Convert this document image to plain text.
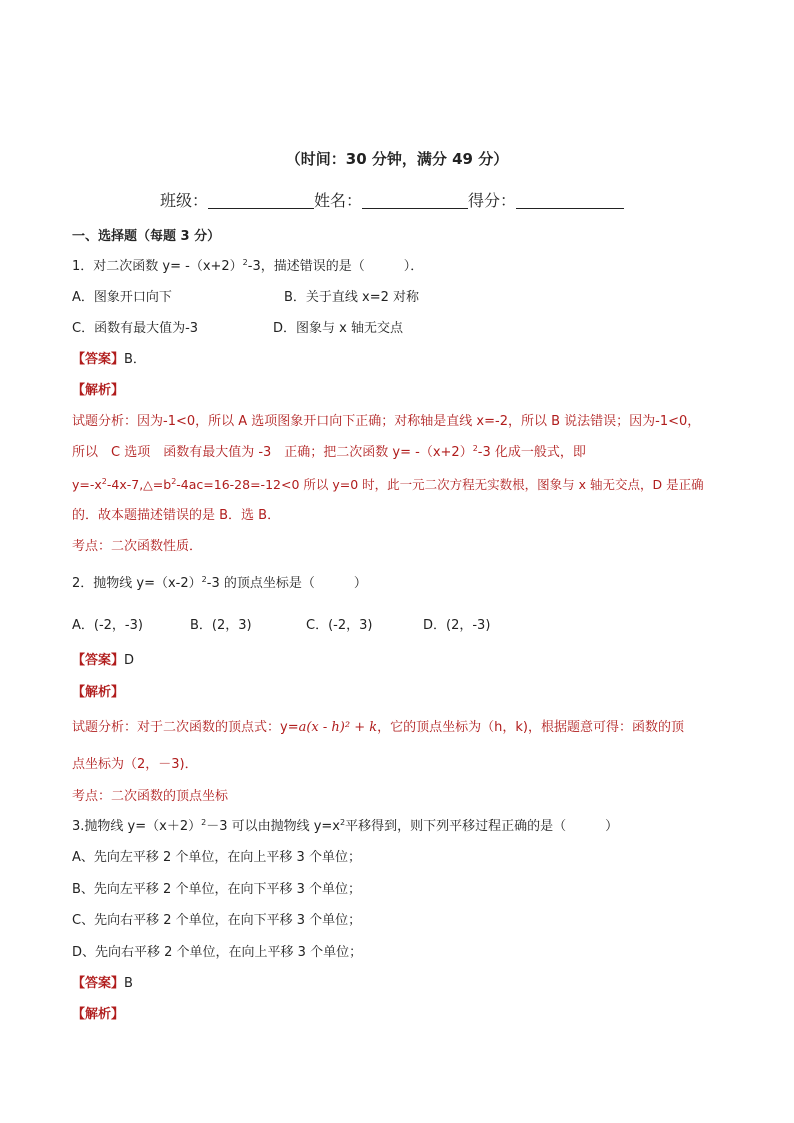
（时间：30 分钟，满分 49 分）
班级：	姓名：	得分：
一、选择题（每题 3 分）
1．对二次函数 $y= -(x+2)^2-3$，描述错误的是（　　　）．
A．图象开口向下	B．关于直线 x=2 对称
C．函数有最大值为-3	D．图象与 x 轴无交点
【答案】B．
【解析】
试题分析：因为-1<0，所以 A 选项图象开口向下正确；对称轴是直线 x=-2，所以 B 说法错误；因为-1<0，
所以　C 选项　函数有最大值为 -3　正确；把二次函数 $y= -(x+2)^2-3$ 化成一般式，即
$y=-x^2-4x-7,\triangle=b^2-4ac=16-28=-12<0$ 所以 y=0 时，此一元二次方程无实数根，图象与 x 轴无交点，D 是正确
的．故本题描述错误的是 B．选 B．
考点：二次函数性质．
2．抛物线 $y=(x-2)^2-3$ 的顶点坐标是（　　　）
A．(-2，-3)	B．(2，3)	C．(-2，3)	D．(2，-3)
【答案】D
【解析】
试题分析：对于二次函数的顶点式：y=a(x - h)² + k，它的顶点坐标为（h，k)，根据题意可得：函数的顶
点坐标为（2，－3)．
考点：二次函数的顶点坐标
3.抛物线 $y=(x+2)^2-3$ 可以由抛物线 $y=x^2$平移得到，则下列平移过程正确的是（　　　）
A、先向左平移 2 个单位，在向上平移 3 个单位；
B、先向左平移 2 个单位，在向下平移 3 个单位；
C、先向右平移 2 个单位，在向下平移 3 个单位；
D、先向右平移 2 个单位，在向上平移 3 个单位；
【答案】B
【解析】
